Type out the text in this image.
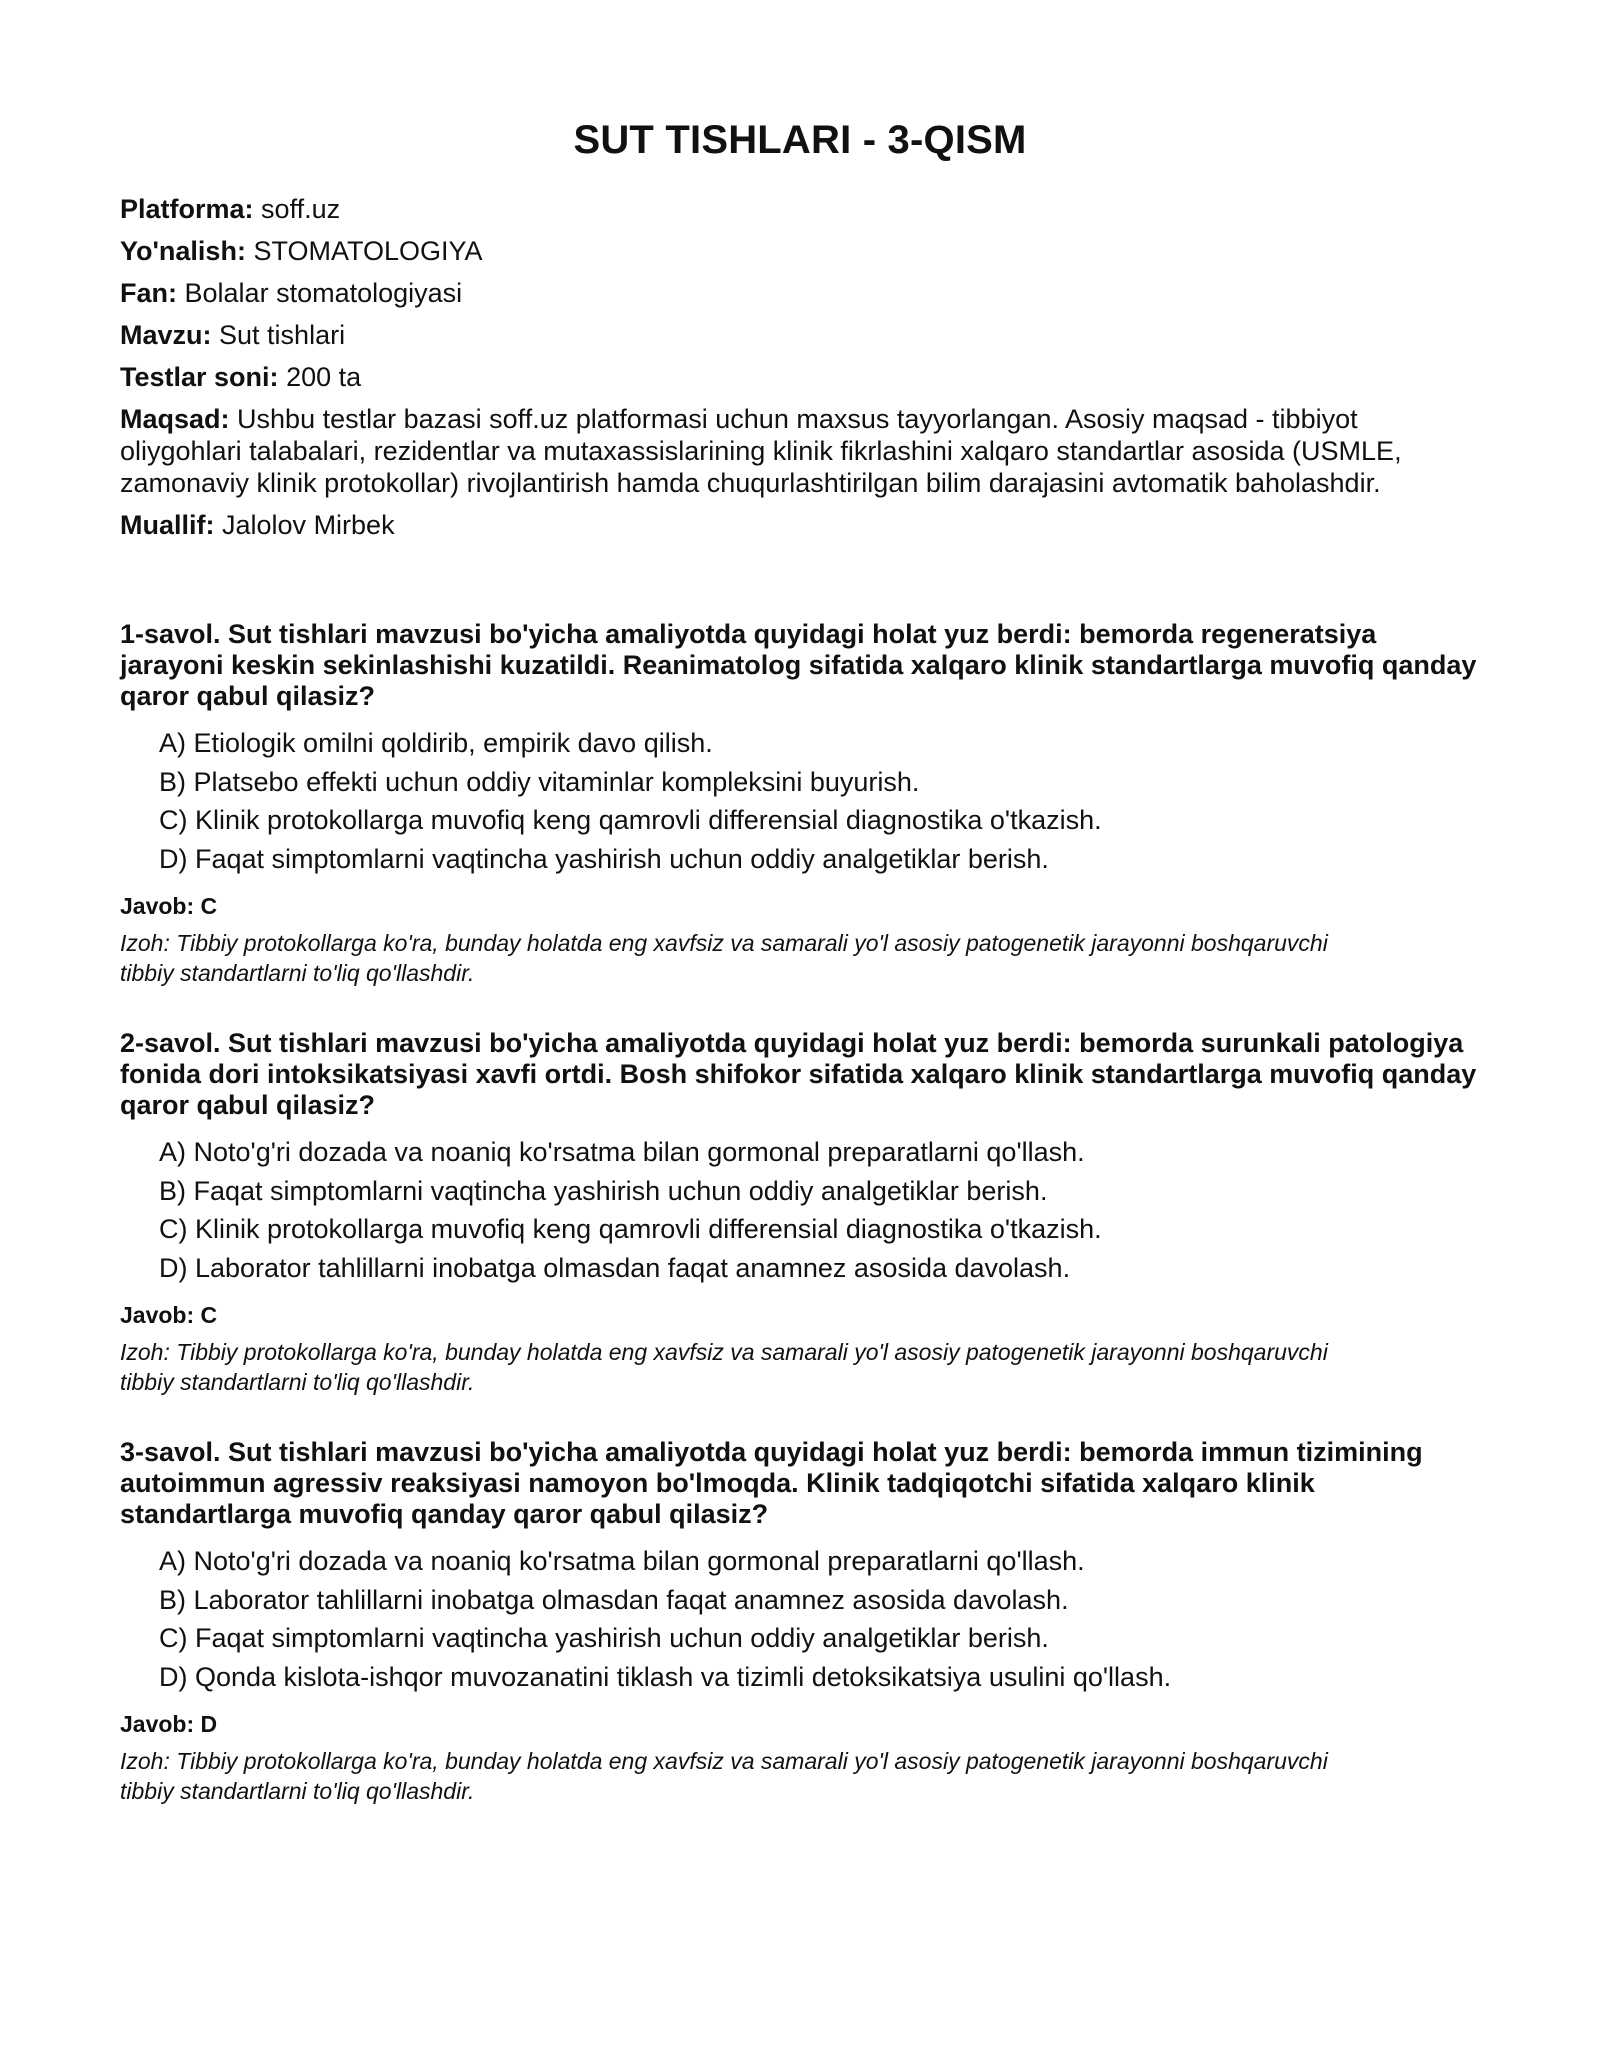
SUT TISHLARI - 3-QISM

Platforma: soff.uz

Yo'nalish: STOMATOLOGIYA

Fan: Bolalar stomatologiyasi

Mavzu: Sut tishlari

Testlar soni: 200 ta

Maqsad: Ushbu testlar bazasi soff.uz platformasi uchun maxsus tayyorlangan. Asosiy maqsad - tibbiyot oliygohlari talabalari, rezidentlar va mutaxassislarining klinik fikrlashini xalqaro standartlar asosida (USMLE, zamonaviy klinik protokollar) rivojlantirish hamda chuqurlashtirilgan bilim darajasini avtomatik baholashdir.

Muallif: Jalolov Mirbek

1-savol. Sut tishlari mavzusi bo'yicha amaliyotda quyidagi holat yuz berdi: bemorda regeneratsiya jarayoni keskin sekinlashishi kuzatildi. Reanimatolog sifatida xalqaro klinik standartlarga muvofiq qanday qaror qabul qilasiz?

A) Etiologik omilni qoldirib, empirik davo qilish.
B) Platsebo effekti uchun oddiy vitaminlar kompleksini buyurish.
C) Klinik protokollarga muvofiq keng qamrovli differensial diagnostika o'tkazish.
D) Faqat simptomlarni vaqtincha yashirish uchun oddiy analgetiklar berish.

Javob: C

Izoh: Tibbiy protokollarga ko'ra, bunday holatda eng xavfsiz va samarali yo'l asosiy patogenetik jarayonni boshqaruvchi tibbiy standartlarni to'liq qo'llashdir.

2-savol. Sut tishlari mavzusi bo'yicha amaliyotda quyidagi holat yuz berdi: bemorda surunkali patologiya fonida dori intoksikatsiyasi xavfi ortdi. Bosh shifokor sifatida xalqaro klinik standartlarga muvofiq qanday qaror qabul qilasiz?

A) Noto'g'ri dozada va noaniq ko'rsatma bilan gormonal preparatlarni qo'llash.
B) Faqat simptomlarni vaqtincha yashirish uchun oddiy analgetiklar berish.
C) Klinik protokollarga muvofiq keng qamrovli differensial diagnostika o'tkazish.
D) Laborator tahlillarni inobatga olmasdan faqat anamnez asosida davolash.

Javob: C

Izoh: Tibbiy protokollarga ko'ra, bunday holatda eng xavfsiz va samarali yo'l asosiy patogenetik jarayonni boshqaruvchi tibbiy standartlarni to'liq qo'llashdir.

3-savol. Sut tishlari mavzusi bo'yicha amaliyotda quyidagi holat yuz berdi: bemorda immun tizimining autoimmun agressiv reaksiyasi namoyon bo'lmoqda. Klinik tadqiqotchi sifatida xalqaro klinik standartlarga muvofiq qanday qaror qabul qilasiz?

A) Noto'g'ri dozada va noaniq ko'rsatma bilan gormonal preparatlarni qo'llash.
B) Laborator tahlillarni inobatga olmasdan faqat anamnez asosida davolash.
C) Faqat simptomlarni vaqtincha yashirish uchun oddiy analgetiklar berish.
D) Qonda kislota-ishqor muvozanatini tiklash va tizimli detoksikatsiya usulini qo'llash.

Javob: D

Izoh: Tibbiy protokollarga ko'ra, bunday holatda eng xavfsiz va samarali yo'l asosiy patogenetik jarayonni boshqaruvchi tibbiy standartlarni to'liq qo'llashdir.
